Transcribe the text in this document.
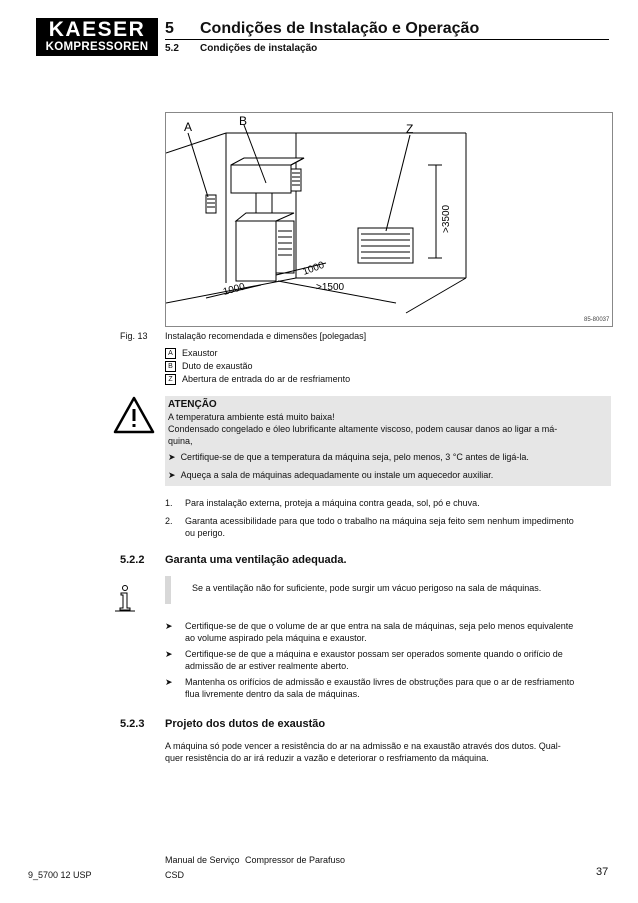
KAESER
KOMPRESSOREN
5 Condições de Instalação e Operação
5.2 Condições de instalação
A	B
Z
>3500
1000
1000
>1500
85-80037
Fig. 13 Instalação recomendada e dimensões [polegadas]
A Exaustor
B Duto de exaustão
Z Abertura de entrada do ar de resfriamento
ATENÇÃO
A temperatura ambiente está muito baixa!
Condensado congelado e óleo lubrificante altamente viscoso, podem causar danos ao ligar a má-
quina,
➤ Certifique-se de que a temperatura da máquina seja, pelo menos, 3 °C antes de ligá-la.
➤ Aqueça a sala de máquinas adequadamente ou instale um aquecedor auxiliar.
1. Para instalação externa, proteja a máquina contra geada, sol, pó e chuva.
2. Garanta acessibilidade para que todo o trabalho na máquina seja feito sem nenhum impedimento
ou perigo.
5.2.2 Garanta uma ventilação adequada.
Se a ventilação não for suficiente, pode surgir um vácuo perigoso na sala de máquinas.
➤ Certifique-se de que o volume de ar que entra na sala de máquinas, seja pelo menos equivalente
ao volume aspirado pela máquina e exaustor.
➤ Certifique-se de que a máquina e exaustor possam ser operados somente quando o orifício de
admissão de ar estiver realmente aberto.
➤ Mantenha os orifícios de admissão e exaustão livres de obstruções para que o ar de resfriamento
flua livremente dentro da sala de máquinas.
5.2.3 Projeto dos dutos de exaustão
A máquina só pode vencer a resistência do ar na admissão e na exaustão através dos dutos. Qual-
quer resistência do ar irá reduzir a vazão e deteriorar o resfriamento da máquina.
Manual de Serviço Compressor de Parafuso
9_5700 12 USP	CSD	37
